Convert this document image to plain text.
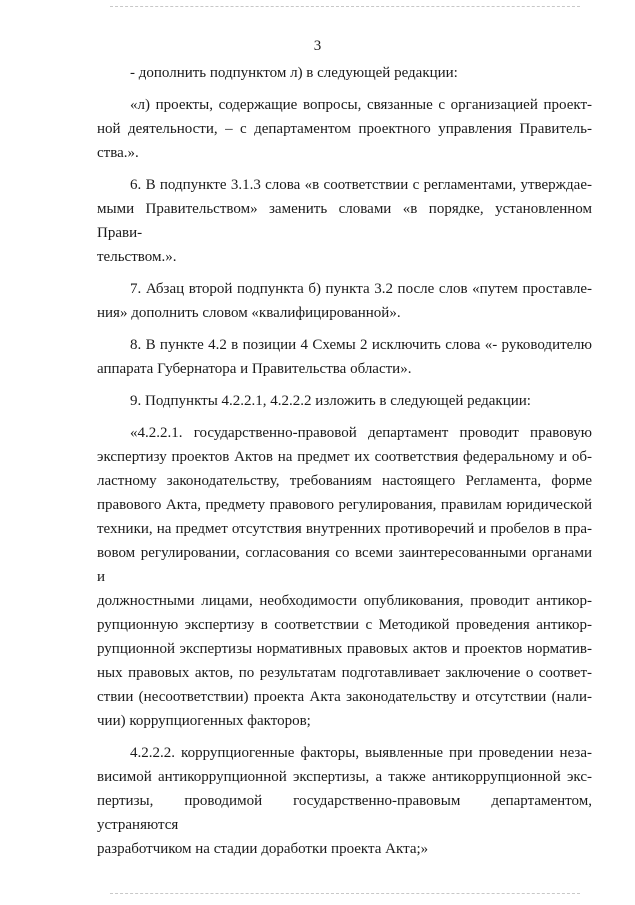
3
- дополнить подпунктом л) в следующей редакции:
«л) проекты, содержащие вопросы, связанные с организацией проект-
ной деятельности, – с департаментом проектного управления Правитель-
ства.».
6. В подпункте 3.1.3 слова «в соответствии с регламентами, утверждае-
мыми Правительством» заменить словами «в порядке, установленном Прави-
тельством.».
7. Абзац второй подпункта б) пункта 3.2 после слов «путем проставле-
ния» дополнить словом «квалифицированной».
8. В пункте 4.2 в позиции 4 Схемы 2 исключить слова «- руководителю
аппарата Губернатора и Правительства области».
9. Подпункты 4.2.2.1, 4.2.2.2 изложить в следующей редакции:
«4.2.2.1. государственно-правовой департамент проводит правовую
экспертизу проектов Актов на предмет их соответствия федеральному и об-
ластному законодательству, требованиям настоящего Регламента, форме
правового Акта, предмету правового регулирования, правилам юридической
техники, на предмет отсутствия внутренних противоречий и пробелов в пра-
вовом регулировании, согласования со всеми заинтересованными органами и
должностными лицами, необходимости опубликования, проводит антикор-
рупционную экспертизу в соответствии с Методикой проведения антикор-
рупционной экспертизы нормативных правовых актов и проектов норматив-
ных правовых актов, по результатам подготавливает заключение о соответ-
ствии (несоответствии) проекта Акта законодательству и отсутствии (нали-
чии) коррупциогенных факторов;
4.2.2.2. коррупциогенные факторы, выявленные при проведении неза-
висимой антикоррупционной экспертизы, а также антикоррупционной экс-
пертизы, проводимой государственно-правовым департаментом, устраняются
разработчиком на стадии доработки проекта Акта;»
